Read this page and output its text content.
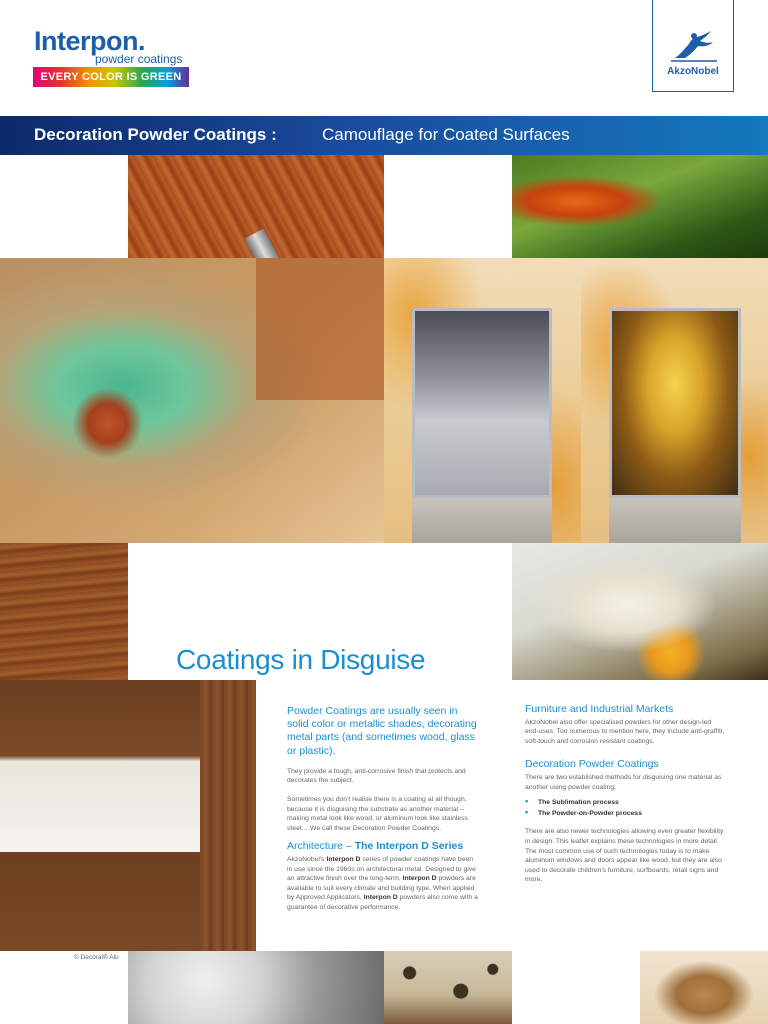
Interpon.
powder coatings
EVERY COLOR IS GREEN	AkzoNobel
Decoration Powder Coatings :	Camouflage for Coated Surfaces
© Decoral® Alu
Coatings in Disguise
Powder Coatings are usually seen in solid color or metallic shades, decorating metal parts (and sometimes wood, glass or plastic).
They provide a tough, anti-corrosive finish that protects and decorates the subject.
Sometimes you don't realise there is a coating at all though, because it is disguising the substrate as another material – making metal look like wood, or aluminum look like stainless steel… We call these Decoration Powder Coatings.
Architecture – The Interpon D Series
AkzoNobel's Interpon D series of powder coatings have been in use since the 1960s on architectural metal. Designed to give an attractive finish over the long-term, Interpon D powders are available to suit every climate and building type. When applied by Approved Applicators, Interpon D powders also come with a guarantee of decorative performance.
Furniture and Industrial Markets
AkzoNobel also offer specialised powders for other design-led end-uses. Too numerous to mention here, they include anti-graffiti, soft-touch and corrosion resistant coatings.
Decoration Powder Coatings
There are two established methods for disguising one material as another using powder coating:
• The Sublimation process
• The Powder-on-Powder process
There are also newer technologies allowing even greater flexibility in design. This leaflet explains these technologies in more detail. The most common use of such technologies today is to make aluminum windows and doors appear like wood, but they are also used to decorate children's furniture, surfboards, retail signs and more.
